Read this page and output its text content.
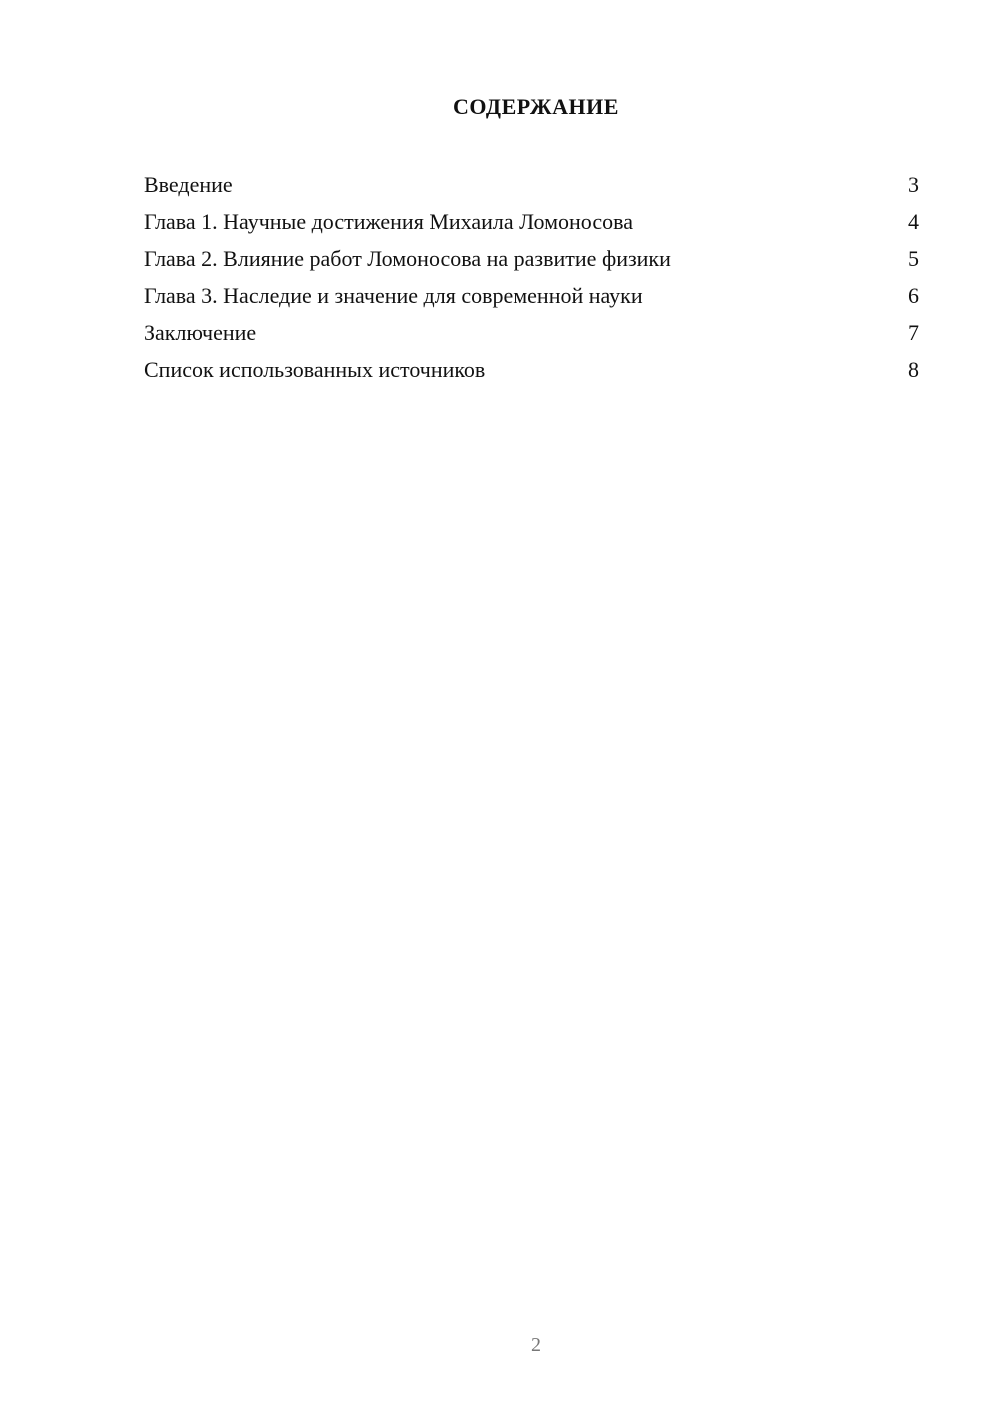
СОДЕРЖАНИЕ
Введение	3
Глава 1. Научные достижения Михаила Ломоносова	4
Глава 2. Влияние работ Ломоносова на развитие физики	5
Глава 3. Наследие и значение для современной науки	6
Заключение	7
Список использованных источников	8
2
